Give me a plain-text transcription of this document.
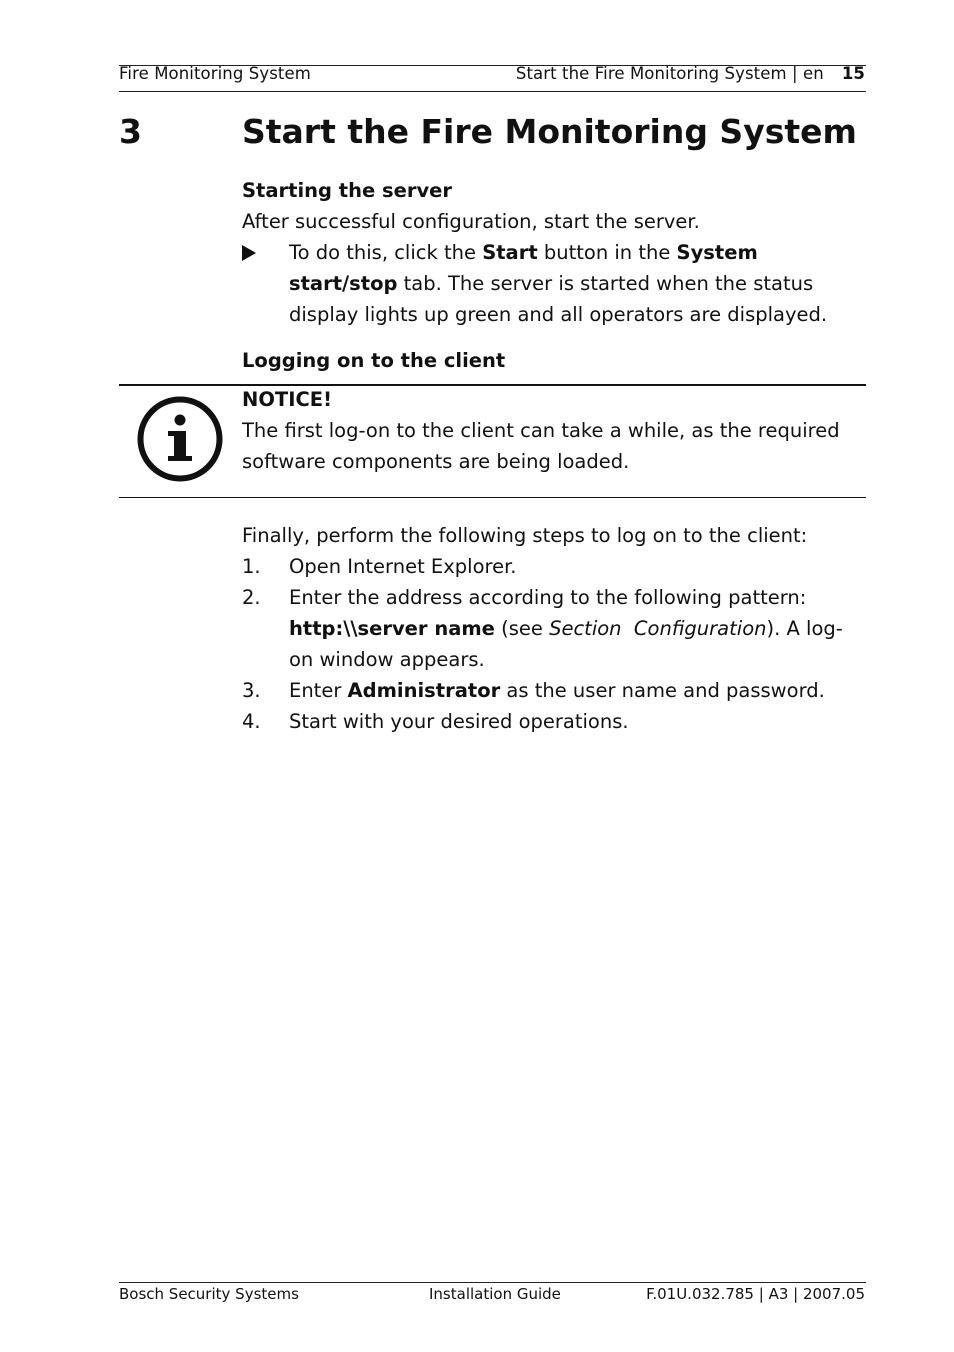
Fire Monitoring System	Start the Fire Monitoring System | en 15
3	Start the Fire Monitoring System
Starting the server
After successful configuration, start the server.
To do this, click the Start button in the System start/stop tab. The server is started when the status display lights up green and all operators are displayed.
Logging on to the client
NOTICE!
The first log-on to the client can take a while, as the required software components are being loaded.
Finally, perform the following steps to log on to the client:
1. Open Internet Explorer.
2. Enter the address according to the following pattern: http:\\server name (see Section  Configuration). A log-on window appears.
3. Enter Administrator as the user name and password.
4. Start with your desired operations.
Bosch Security Systems	Installation Guide	F.01U.032.785 | A3 | 2007.05
